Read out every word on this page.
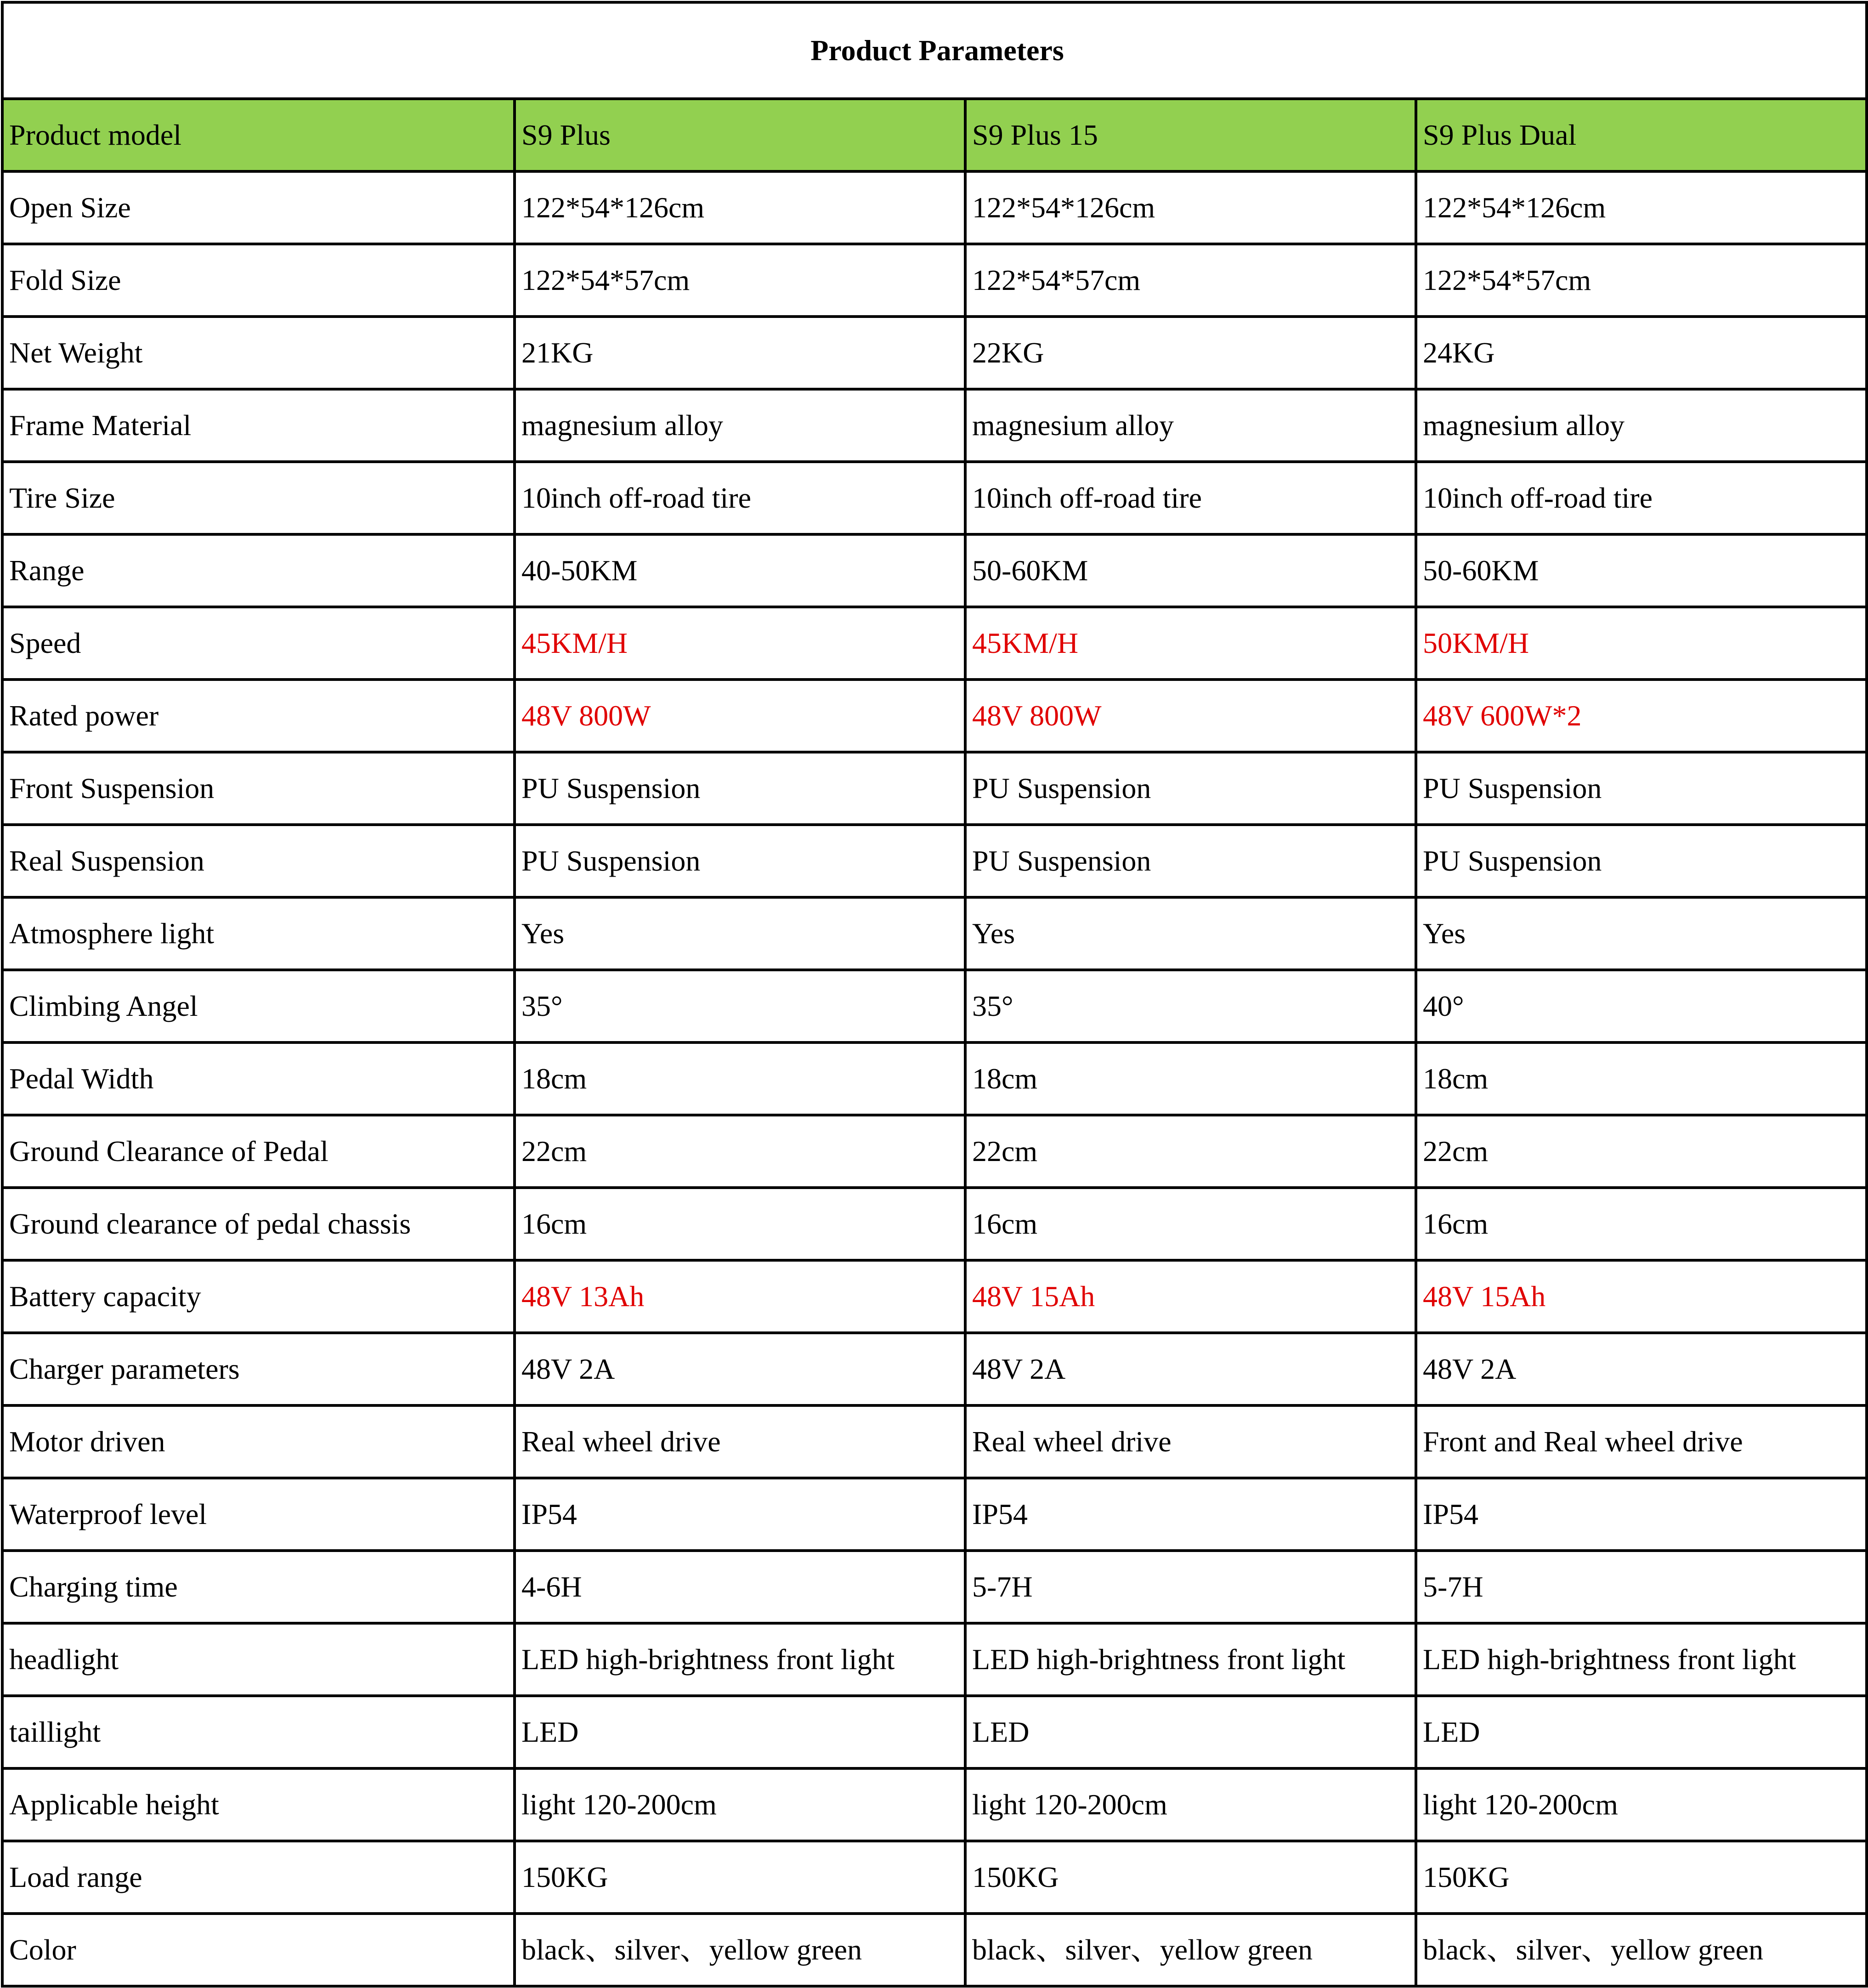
Product Parameters			
Product model	S9 Plus	S9 Plus 15	S9 Plus Dual
Open Size	122*54*126cm	122*54*126cm	122*54*126cm
Fold Size	122*54*57cm	122*54*57cm	122*54*57cm
Net Weight	21KG	22KG	24KG
Frame Material	magnesium alloy	magnesium alloy	magnesium alloy
Tire Size	10inch off-road tire	10inch off-road tire	10inch off-road tire
Range	40-50KM	50-60KM	50-60KM
Speed	45KM/H	45KM/H	50KM/H
Rated power	48V 800W	48V 800W	48V 600W*2
Front Suspension	PU Suspension	PU Suspension	PU Suspension
Real Suspension	PU Suspension	PU Suspension	PU Suspension
Atmosphere light	Yes	Yes	Yes
Climbing Angel	35°	35°	40°
Pedal Width	18cm	18cm	18cm
Ground Clearance of Pedal	22cm	22cm	22cm
Ground clearance of pedal chassis	16cm	16cm	16cm
Battery capacity	48V 13Ah	48V 15Ah	48V 15Ah
Charger parameters	48V 2A	48V 2A	48V 2A
Motor driven	Real wheel drive	Real wheel drive	Front and Real wheel drive
Waterproof level	IP54	IP54	IP54
Charging time	4-6H	5-7H	5-7H
headlight	LED high-brightness front light	LED high-brightness front light	LED high-brightness front light
taillight	LED	LED	LED
Applicable height	light 120-200cm	light 120-200cm	light 120-200cm
Load range	150KG	150KG	150KG
Color	black、silver、yellow green	black、silver、yellow green	black、silver、yellow green
